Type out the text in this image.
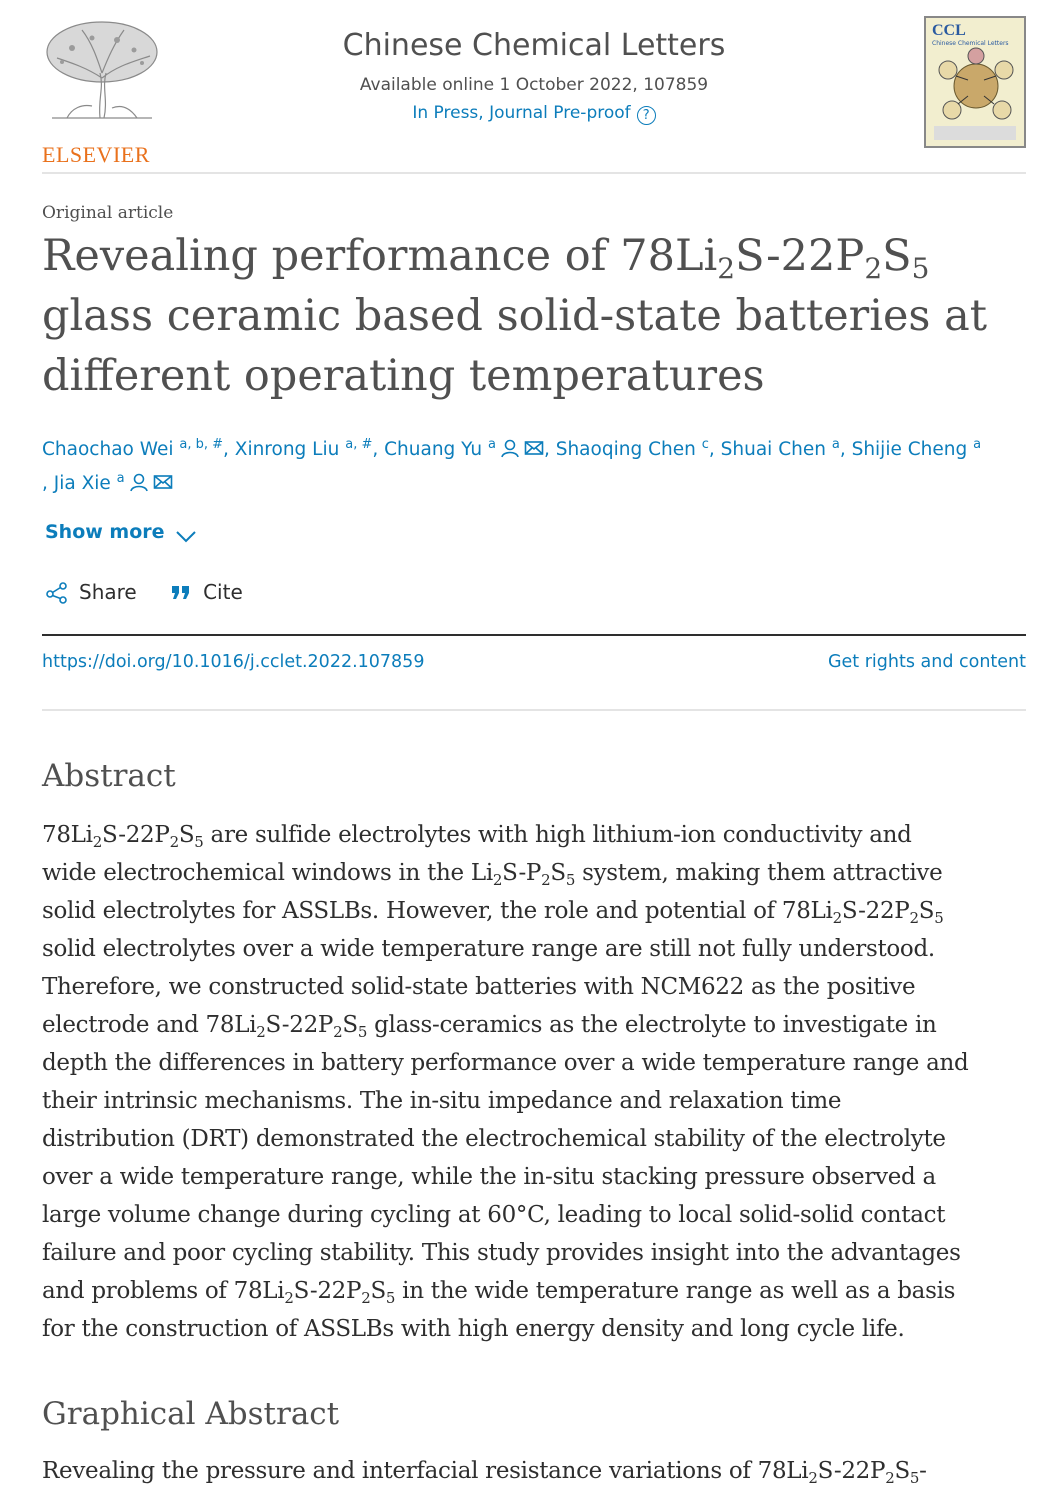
ELSEVIER
Chinese Chemical Letters
Available online 1 October 2022, 107859
In Press, Journal Pre-proof ?
CCL
Chinese Chemical Letters
Original article
Revealing performance of $78Li_2S-22P_2S_5$ glass ceramic based solid-state batteries at different operating temperatures
Chaochao Wei $^{a, b, \#}$, Xinrong Liu $^{a, \#}$, Chuang Yu $^a$	, Shaoqing Chen $^c$, Shuai Chen $^a$, Shijie Cheng $^a$
, Jia Xie $^a$
Show more
Share	Cite
https://doi.org/10.1016/j.cclet.2022.107859	Get rights and content
Abstract

$78Li_2S-22P_2S_5$ are sulfide electrolytes with high lithium-ion conductivity and
wide electrochemical windows in the $Li_2S-P_2S_5$ system, making them attractive
solid electrolytes for ASSLBs. However, the role and potential of $78Li_2S-22P_2S_5$
solid electrolytes over a wide temperature range are still not fully understood.
Therefore, we constructed solid-state batteries with NCM622 as the positive
electrode and $78Li_2S-22P_2S_5$ glass-ceramics as the electrolyte to investigate in
depth the differences in battery performance over a wide temperature range and
their intrinsic mechanisms. The in-situ impedance and relaxation time
distribution (DRT) demonstrated the electrochemical stability of the electrolyte
over a wide temperature range, while the in-situ stacking pressure observed a
large volume change during cycling at 60°C, leading to local solid-solid contact
failure and poor cycling stability. This study provides insight into the advantages
and problems of $78Li_2S-22P_2S_5$ in the wide temperature range as well as a basis
for the construction of ASSLBs with high energy density and long cycle life.

Graphical Abstract

Revealing the pressure and interfacial resistance variations of $78Li_2S-22P_2S_5-$
